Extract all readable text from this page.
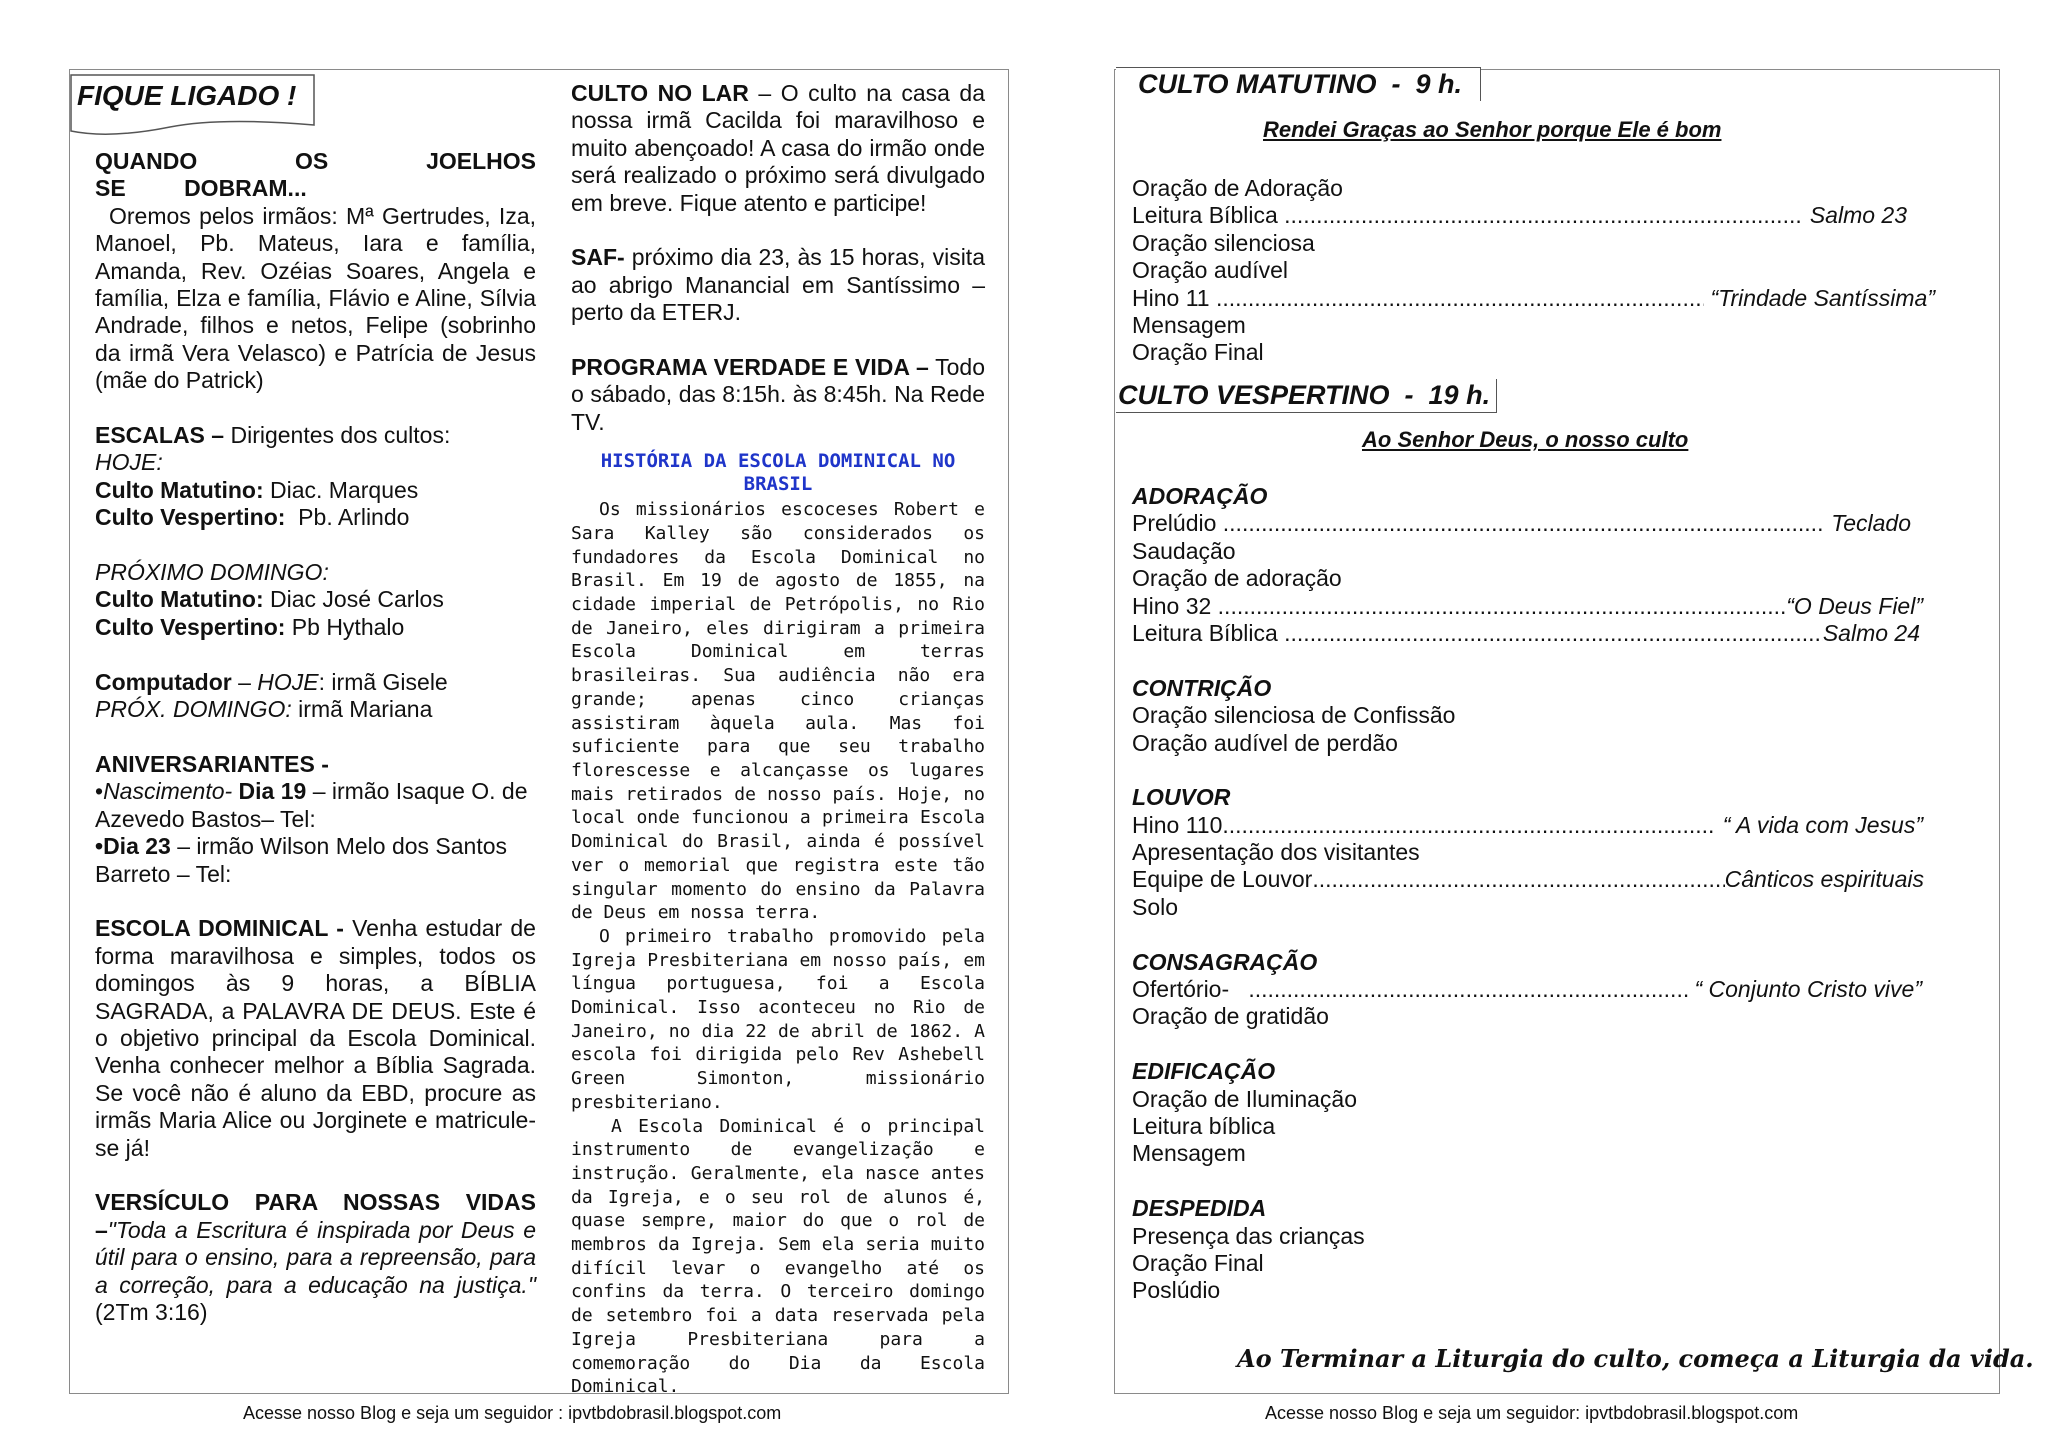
FIQUE LIGADO !

QUANDO OS JOELHOS SE DOBRAM...
Oremos pelos irmãos: Mª Gertrudes, Iza, Manoel, Pb. Mateus, Iara e família, Amanda, Rev. Ozéias Soares, Angela e família, Elza e família, Flávio e Aline, Sílvia Andrade, filhos e netos, Felipe (sobrinho da irmã Vera Velasco) e Patrícia de Jesus (mãe do Patrick)

ESCALAS – Dirigentes dos cultos:
HOJE:
Culto Matutino: Diac. Marques
Culto Vespertino:  Pb. Arlindo

PRÓXIMO DOMINGO:
Culto Matutino: Diac José Carlos
Culto Vespertino: Pb Hythalo

Computador – HOJE: irmã Gisele
PRÓX. DOMINGO: irmã Mariana

ANIVERSARIANTES -
•Nascimento- Dia 19 – irmão Isaque O. de Azevedo Bastos– Tel:
•Dia 23 – irmão Wilson Melo dos Santos Barreto – Tel:

ESCOLA DOMINICAL - Venha estudar de forma maravilhosa e simples, todos os domingos às 9 horas, a BÍBLIA SAGRADA, a PALAVRA DE DEUS. Este é o objetivo principal da Escola Dominical. Venha conhecer melhor a Bíblia Sagrada. Se você não é aluno da EBD, procure as irmãs Maria Alice ou Jorginete e matricule-se já!

VERSÍCULO PARA NOSSAS VIDAS –"Toda a Escritura é inspirada por Deus e útil para o ensino, para a repreensão, para a correção, para a educação na justiça." (2Tm 3:16)

CULTO NO LAR – O culto na casa da nossa irmã Cacilda foi maravilhoso e muito abençoado! A casa do irmão onde será realizado o próximo será divulgado em breve. Fique atento e participe!

SAF- próximo dia 23, às 15 horas, visita ao abrigo Manancial em Santíssimo – perto da ETERJ.

PROGRAMA VERDADE E VIDA – Todo o sábado, das 8:15h. às 8:45h. Na Rede TV.

HISTÓRIA DA ESCOLA DOMINICAL NO BRASIL

Os missionários escoceses Robert e Sara Kalley são considerados os fundadores da Escola Dominical no Brasil. Em 19 de agosto de 1855, na cidade imperial de Petrópolis, no Rio de Janeiro, eles dirigiram a primeira Escola Dominical em terras brasileiras. Sua audiência não era grande; apenas cinco crianças assistiram àquela aula. Mas foi suficiente para que seu trabalho florescesse e alcançasse os lugares mais retirados de nosso país. Hoje, no local onde funcionou a primeira Escola Dominical do Brasil, ainda é possível ver o memorial que registra este tão singular momento do ensino da Palavra de Deus em nossa terra.

O primeiro trabalho promovido pela Igreja Presbiteriana em nosso país, em língua portuguesa, foi a Escola Dominical. Isso aconteceu no Rio de Janeiro, no dia 22 de abril de 1862. A escola foi dirigida pelo Rev Ashebell Green Simonton, missionário presbiteriano.

A Escola Dominical é o principal instrumento de evangelização e instrução. Geralmente, ela nasce antes da Igreja, e o seu rol de alunos é, quase sempre, maior do que o rol de membros da Igreja. Sem ela seria muito difícil levar o evangelho até os confins da terra. O terceiro domingo de setembro foi a data reservada pela Igreja Presbiteriana para a comemoração do Dia da Escola Dominical.

Acesse nosso Blog e seja um seguidor : ipvtbdobrasil.blogspot.com
CULTO MATUTINO  -  9 h.
Rendei Graças ao Senhor porque Ele é bom
Oração de Adoração
Leitura Bíblica .....	Salmo 23
Oração silenciosa
Oração audível
Hino 11 .....	“Trindade Santíssima”
Mensagem
Oração Final
CULTO VESPERTINO  -  19 h.
Ao Senhor Deus, o nosso culto
ADORAÇÃO
Prelúdio .....	Teclado
Saudação
Oração de adoração
Hino 32 .....	“O Deus Fiel”
Leitura Bíblica .....	Salmo 24
CONTRIÇÃO
Oração silenciosa de Confissão
Oração audível de perdão
LOUVOR
Hino 110 .....	“ A vida com Jesus”
Apresentação dos visitantes
Equipe de Louvor .....	Cânticos espirituais
Solo
CONSAGRAÇÃO
Ofertório- .....	“ Conjunto Cristo vive”
Oração de gratidão
EDIFICAÇÃO
Oração de Iluminação
Leitura bíblica
Mensagem
DESPEDIDA
Presença das crianças
Oração Final
Poslúdio
Ao Terminar a Liturgia do culto, começa a Liturgia da vida.
Acesse nosso Blog e seja um seguidor: ipvtbdobrasil.blogspot.com
